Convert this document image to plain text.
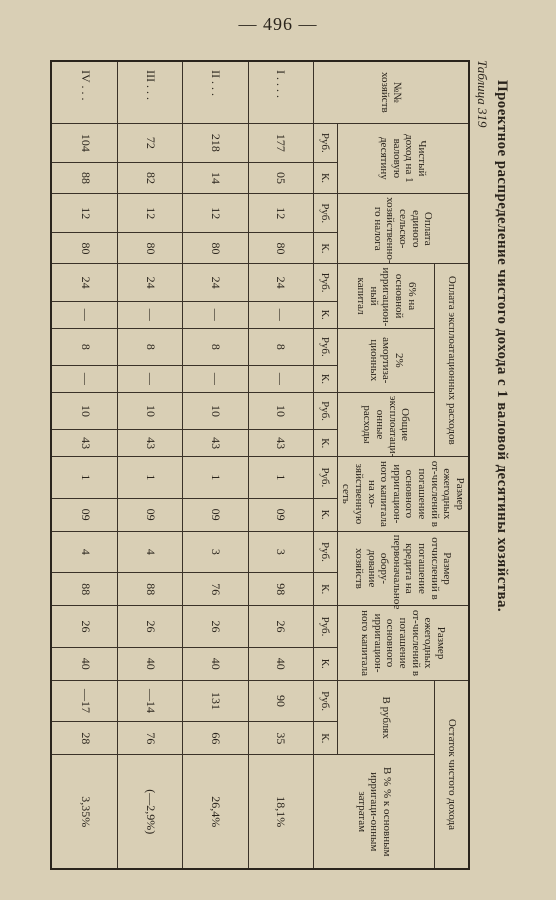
— 496 —
Проектное распределение чистого дохода с 1 валовой десятины хозяйства.
Таблица 319
№№ хозяйств	Чистый доход на 1 валовую десятину		Оплата единого сельско-хозяйственно-го налога		Оплата эксплоатационных расходов						Размер ежегодных от-числений в погашение основного ирригацион-ного капитала на хо-зяйственную сеть		Размер отчислений в погашение кредита на первоначальное обору-дование хозяйств		Размер ежегодных от-числений в погашение основного ирригацион-ного капитала		Остаток чистого дохода		
					6% на основной ирригацион-ный капитал		2% амортиза-ционных		Общие эксплоатаци-онные расходы								В рублях		В % % к основным ирригаци-онным затратам
	Руб.	К.	Руб.	К.	Руб.	К.	Руб.	К.	Руб.	К.	Руб.	К.	Руб.	К.	Руб.	К.	Руб.	К.	
I . . . .	177	05	12	80	24	—	8	—	10	43	1	09	3	98	26	40	90	35	18,1%
II . . .	218	14	12	80	24	—	8	—	10	43	1	09	3	76	26	40	131	66	26,4%
III . . .	72	82	12	80	24	—	8	—	10	43	1	09	4	88	26	40	—14	76	(—2,9%)
IV . . .	104	88	12	80	24	—	8	—	10	43	1	09	4	88	26	40	—17	28	3,35%
